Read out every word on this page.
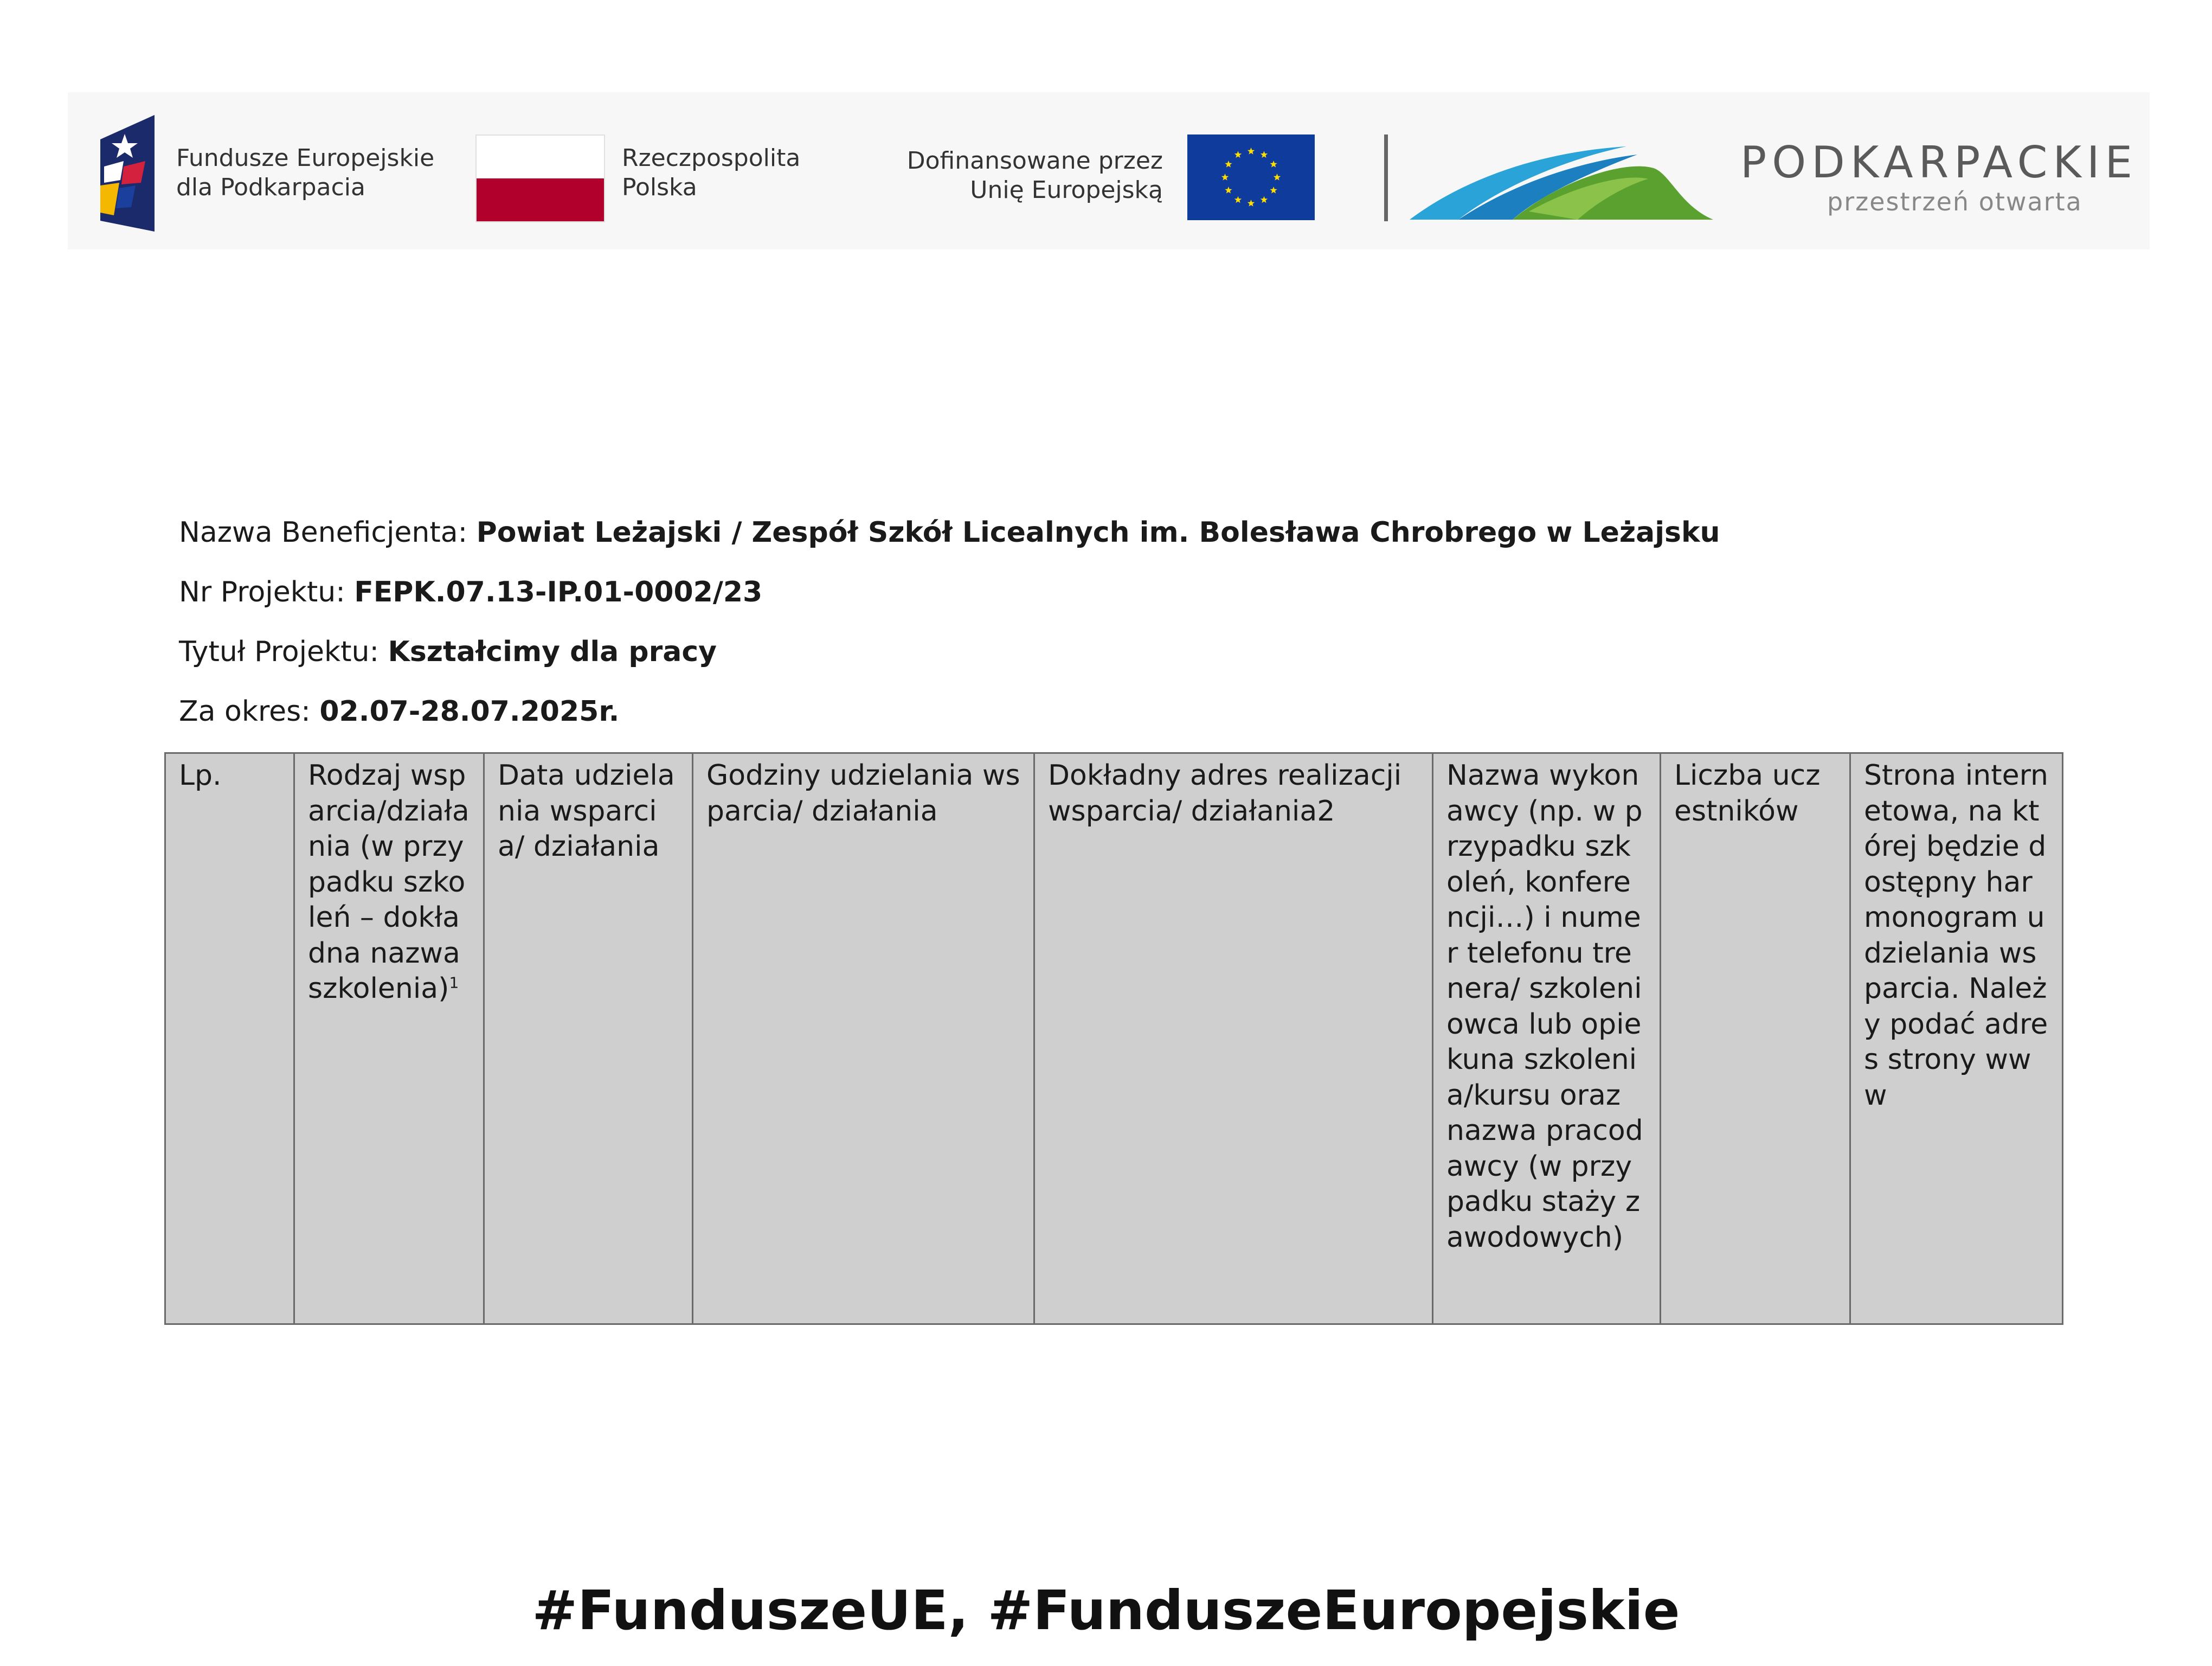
Fundusze Europejskie
dla Podkarpacia
Rzeczpospolita
Polska
Dofinansowane przez
Unię Europejską
PODKARPACKIE
przestrzeń otwarta
Nazwa Beneficjenta: Powiat Leżajski / Zespół Szkół Licealnych im. Bolesława Chrobrego w Leżajsku
Nr Projektu: FEPK.07.13-IP.01-0002/23
Tytuł Projektu: Kształcimy dla pracy
Za okres: 02.07-28.07.2025r.
Lp.	Rodzaj wsparcia/działania (w przypadku szkoleń – dokładna nazwa szkolenia)$^1$	Data udzielania wsparcia/ działania	Godziny udzielania wsparcia/ działania	Dokładny adres realizacji wsparcia/ działania2	Nazwa wykonawcy (np. w przypadku szkoleń, konferencji…) i numer telefonu trenera/ szkoleniowca lub opiekuna szkolenia/kursu oraz nazwa pracodawcy (w przypadku staży zawodowych)	Liczba uczestników	Strona internetowa, na której będzie dostępny harmonogram udzielania wsparcia. Należy podać adres strony www
#FunduszeUE, #FunduszeEuropejskie
